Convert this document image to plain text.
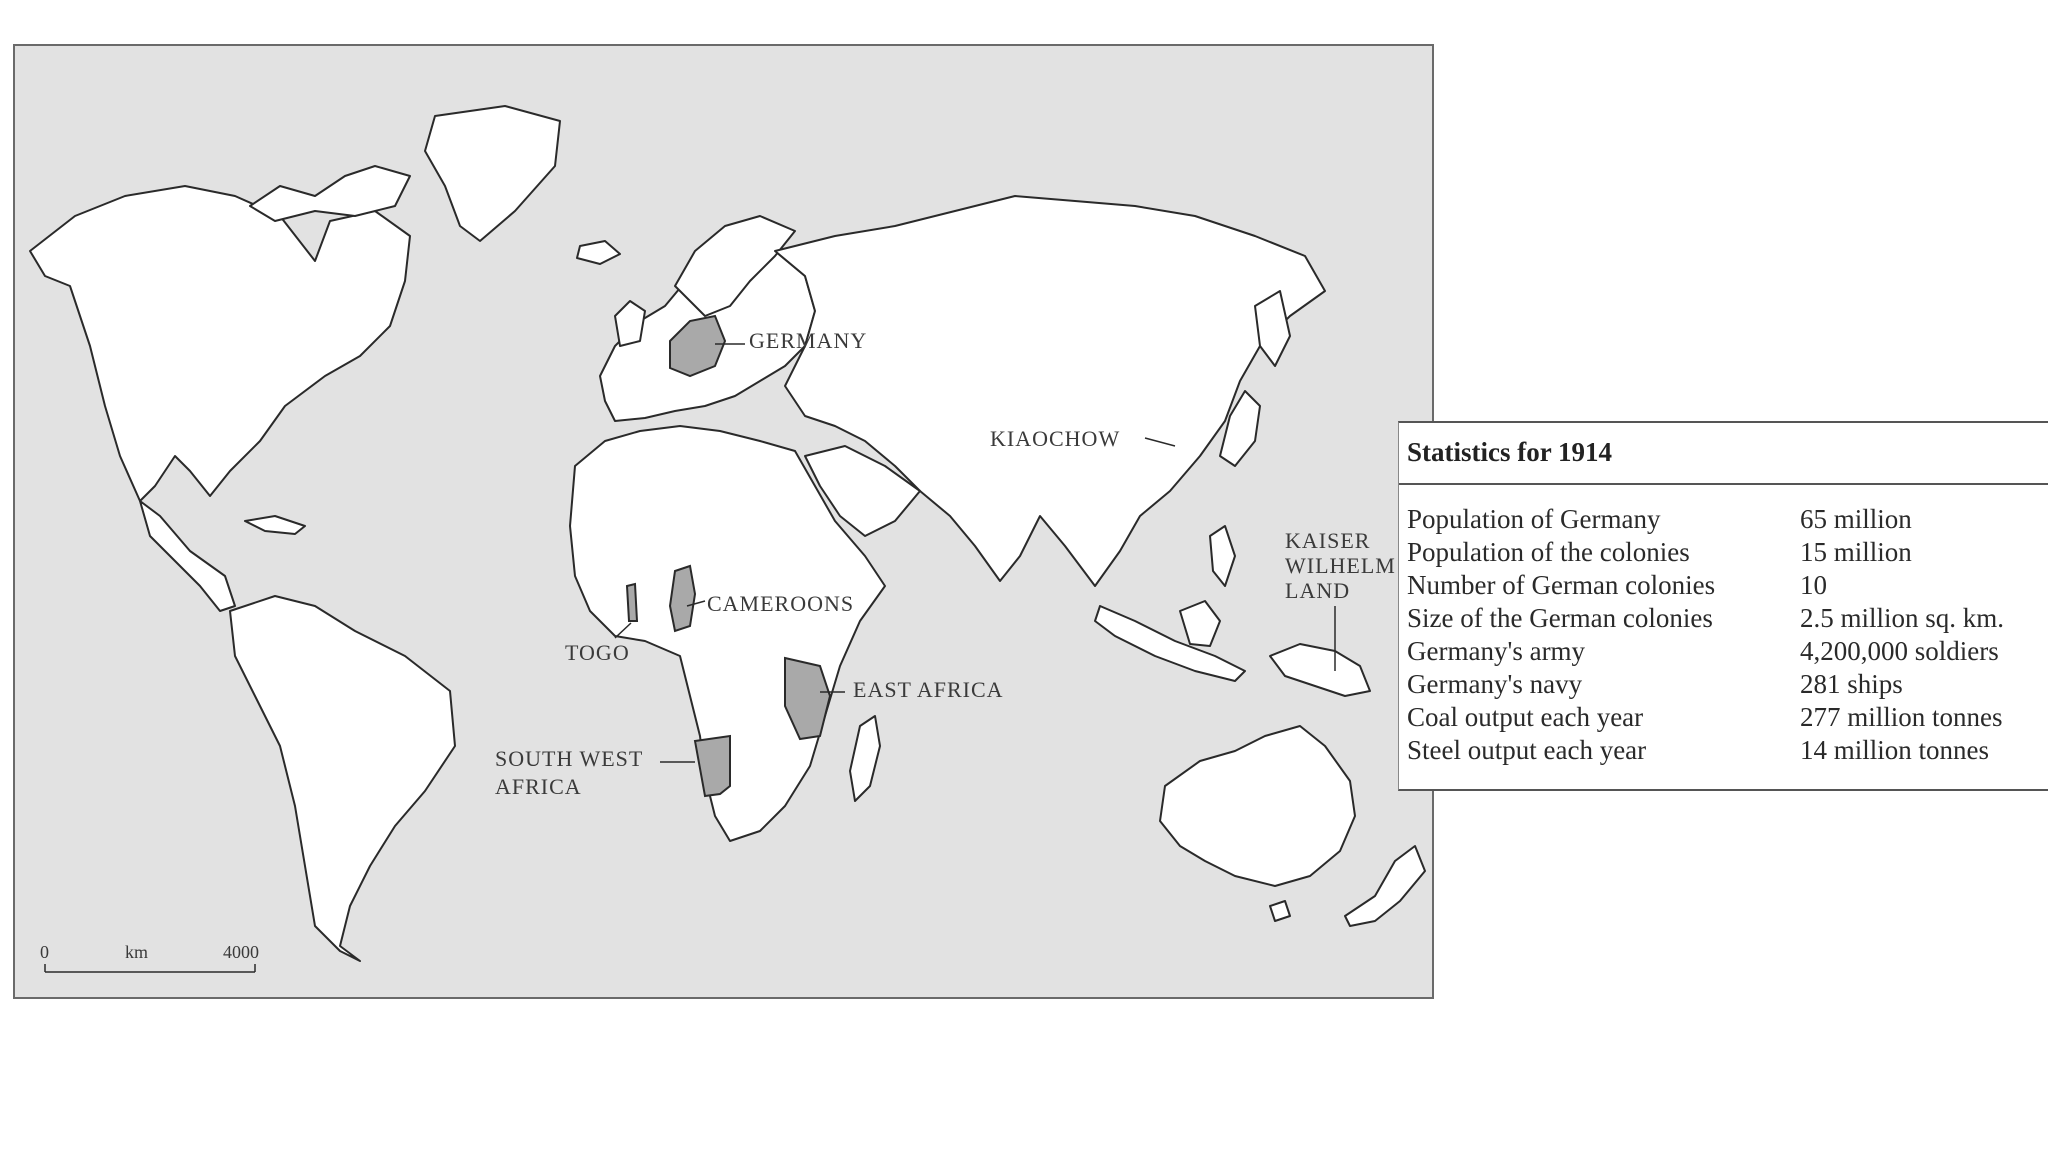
GERMANY
KIAOCHOW
KAISER
WILHELM
LAND
CAMEROONS
TOGO
EAST AFRICA
SOUTH WEST
AFRICA
0	km	4000
Statistics for 1914
Population of Germany	65 million
Population of the colonies	15 million
Number of German colonies	10
Size of the German colonies	2.5 million sq. km.
Germany's army	4,200,000 soldiers
Germany's navy	281 ships
Coal output each year	277 million tonnes
Steel output each year	14 million tonnes
